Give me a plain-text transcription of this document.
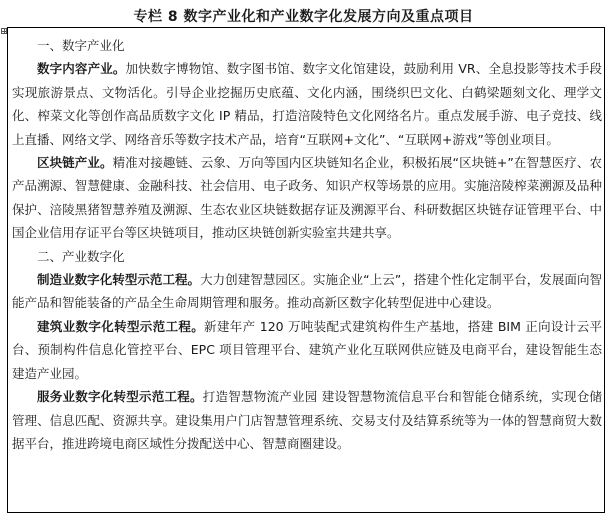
专栏 8 数字产业化和产业数字化发展方向及重点项目

一、数字产业化

数字内容产业。加快数字博物馆、数字图书馆、数字文化馆建设，鼓励利用 VR、全息投影等技术手段实现旅游景点、文物活化。引导企业挖掘历史底蕴、文化内涵，围绕织巴文化、白鹤梁题刻文化、理学文化、榨菜文化等创作高品质数字文化 IP 精品，打造涪陵特色文化网络名片。重点发展手游、电子竞技、线上直播、网络文学、网络音乐等数字技术产品，培育“互联网+文化”、“互联网+游戏”等创业项目。

区块链产业。精准对接趣链、云象、万向等国内区块链知名企业，积极拓展“区块链+”在智慧医疗、农产品溯源、智慧健康、金融科技、社会信用、电子政务、知识产权等场景的应用。实施涪陵榨菜溯源及品种保护、涪陵黑猪智慧养殖及溯源、生态农业区块链数据存证及溯源平台、科研数据区块链存证管理平台、中国企业信用存证平台等区块链项目，推动区块链创新实验室共建共享。

二、产业数字化

制造业数字化转型示范工程。大力创建智慧园区。实施企业“上云”，搭建个性化定制平台，发展面向智能产品和智能装备的产品全生命周期管理和服务。推动高新区数字化转型促进中心建设。

建筑业数字化转型示范工程。新建年产 120 万吨装配式建筑构件生产基地，搭建 BIM 正向设计云平台、预制构件信息化管控平台、EPC 项目管理平台、建筑产业化互联网供应链及电商平台，建设智能生态建造产业园。

服务业数字化转型示范工程。打造智慧物流产业园 建设智慧物流信息平台和智能仓储系统，实现仓储管理、信息匹配、资源共享。建设集用户门店智慧管理系统、交易支付及结算系统等为一体的智慧商贸大数据平台，推进跨境电商区域性分拨配送中心、智慧商圈建设。
